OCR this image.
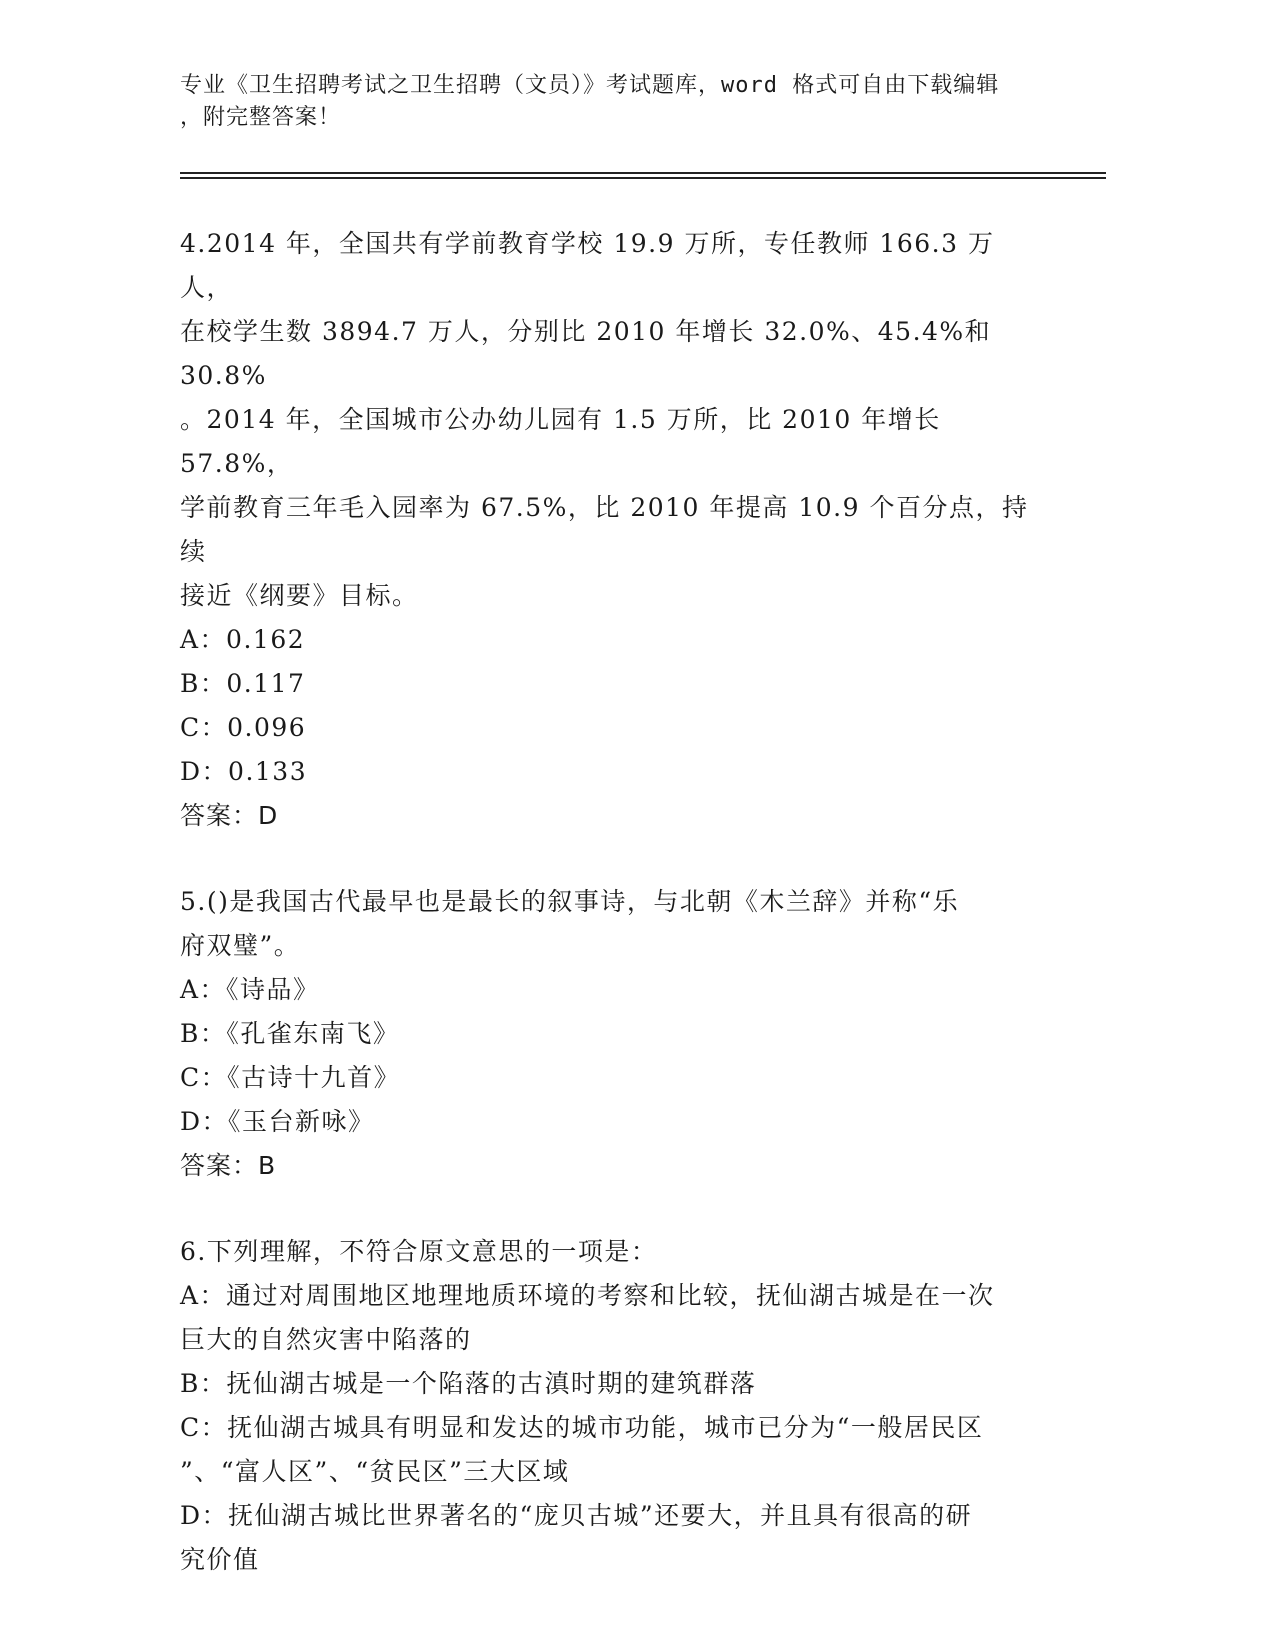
专业《卫生招聘考试之卫生招聘（文员）》考试题库，word 格式可自由下载编辑
，附完整答案！
4.2014 年，全国共有学前教育学校 19.9 万所，专任教师 166.3 万人，
在校学生数 3894.7 万人，分别比 2010 年增长 32.0%、45.4%和 30.8%
。2014 年，全国城市公办幼儿园有 1.5 万所，比 2010 年增长 57.8%，
学前教育三年毛入园率为 67.5%，比 2010 年提高 10.9 个百分点，持续
接近《纲要》目标。
A：0.162
B：0.117
C：0.096
D：0.133
答案：D
5.()是我国古代最早也是最长的叙事诗，与北朝《木兰辞》并称“乐
府双璧”。
A：《诗品》
B：《孔雀东南飞》
C：《古诗十九首》
D：《玉台新咏》
答案：B
6.下列理解，不符合原文意思的一项是：
A：通过对周围地区地理地质环境的考察和比较，抚仙湖古城是在一次
巨大的自然灾害中陷落的
B：抚仙湖古城是一个陷落的古滇时期的建筑群落
C：抚仙湖古城具有明显和发达的城市功能，城市已分为“一般居民区
”、“富人区”、“贫民区”三大区域
D：抚仙湖古城比世界著名的“庞贝古城”还要大，并且具有很高的研
究价值
